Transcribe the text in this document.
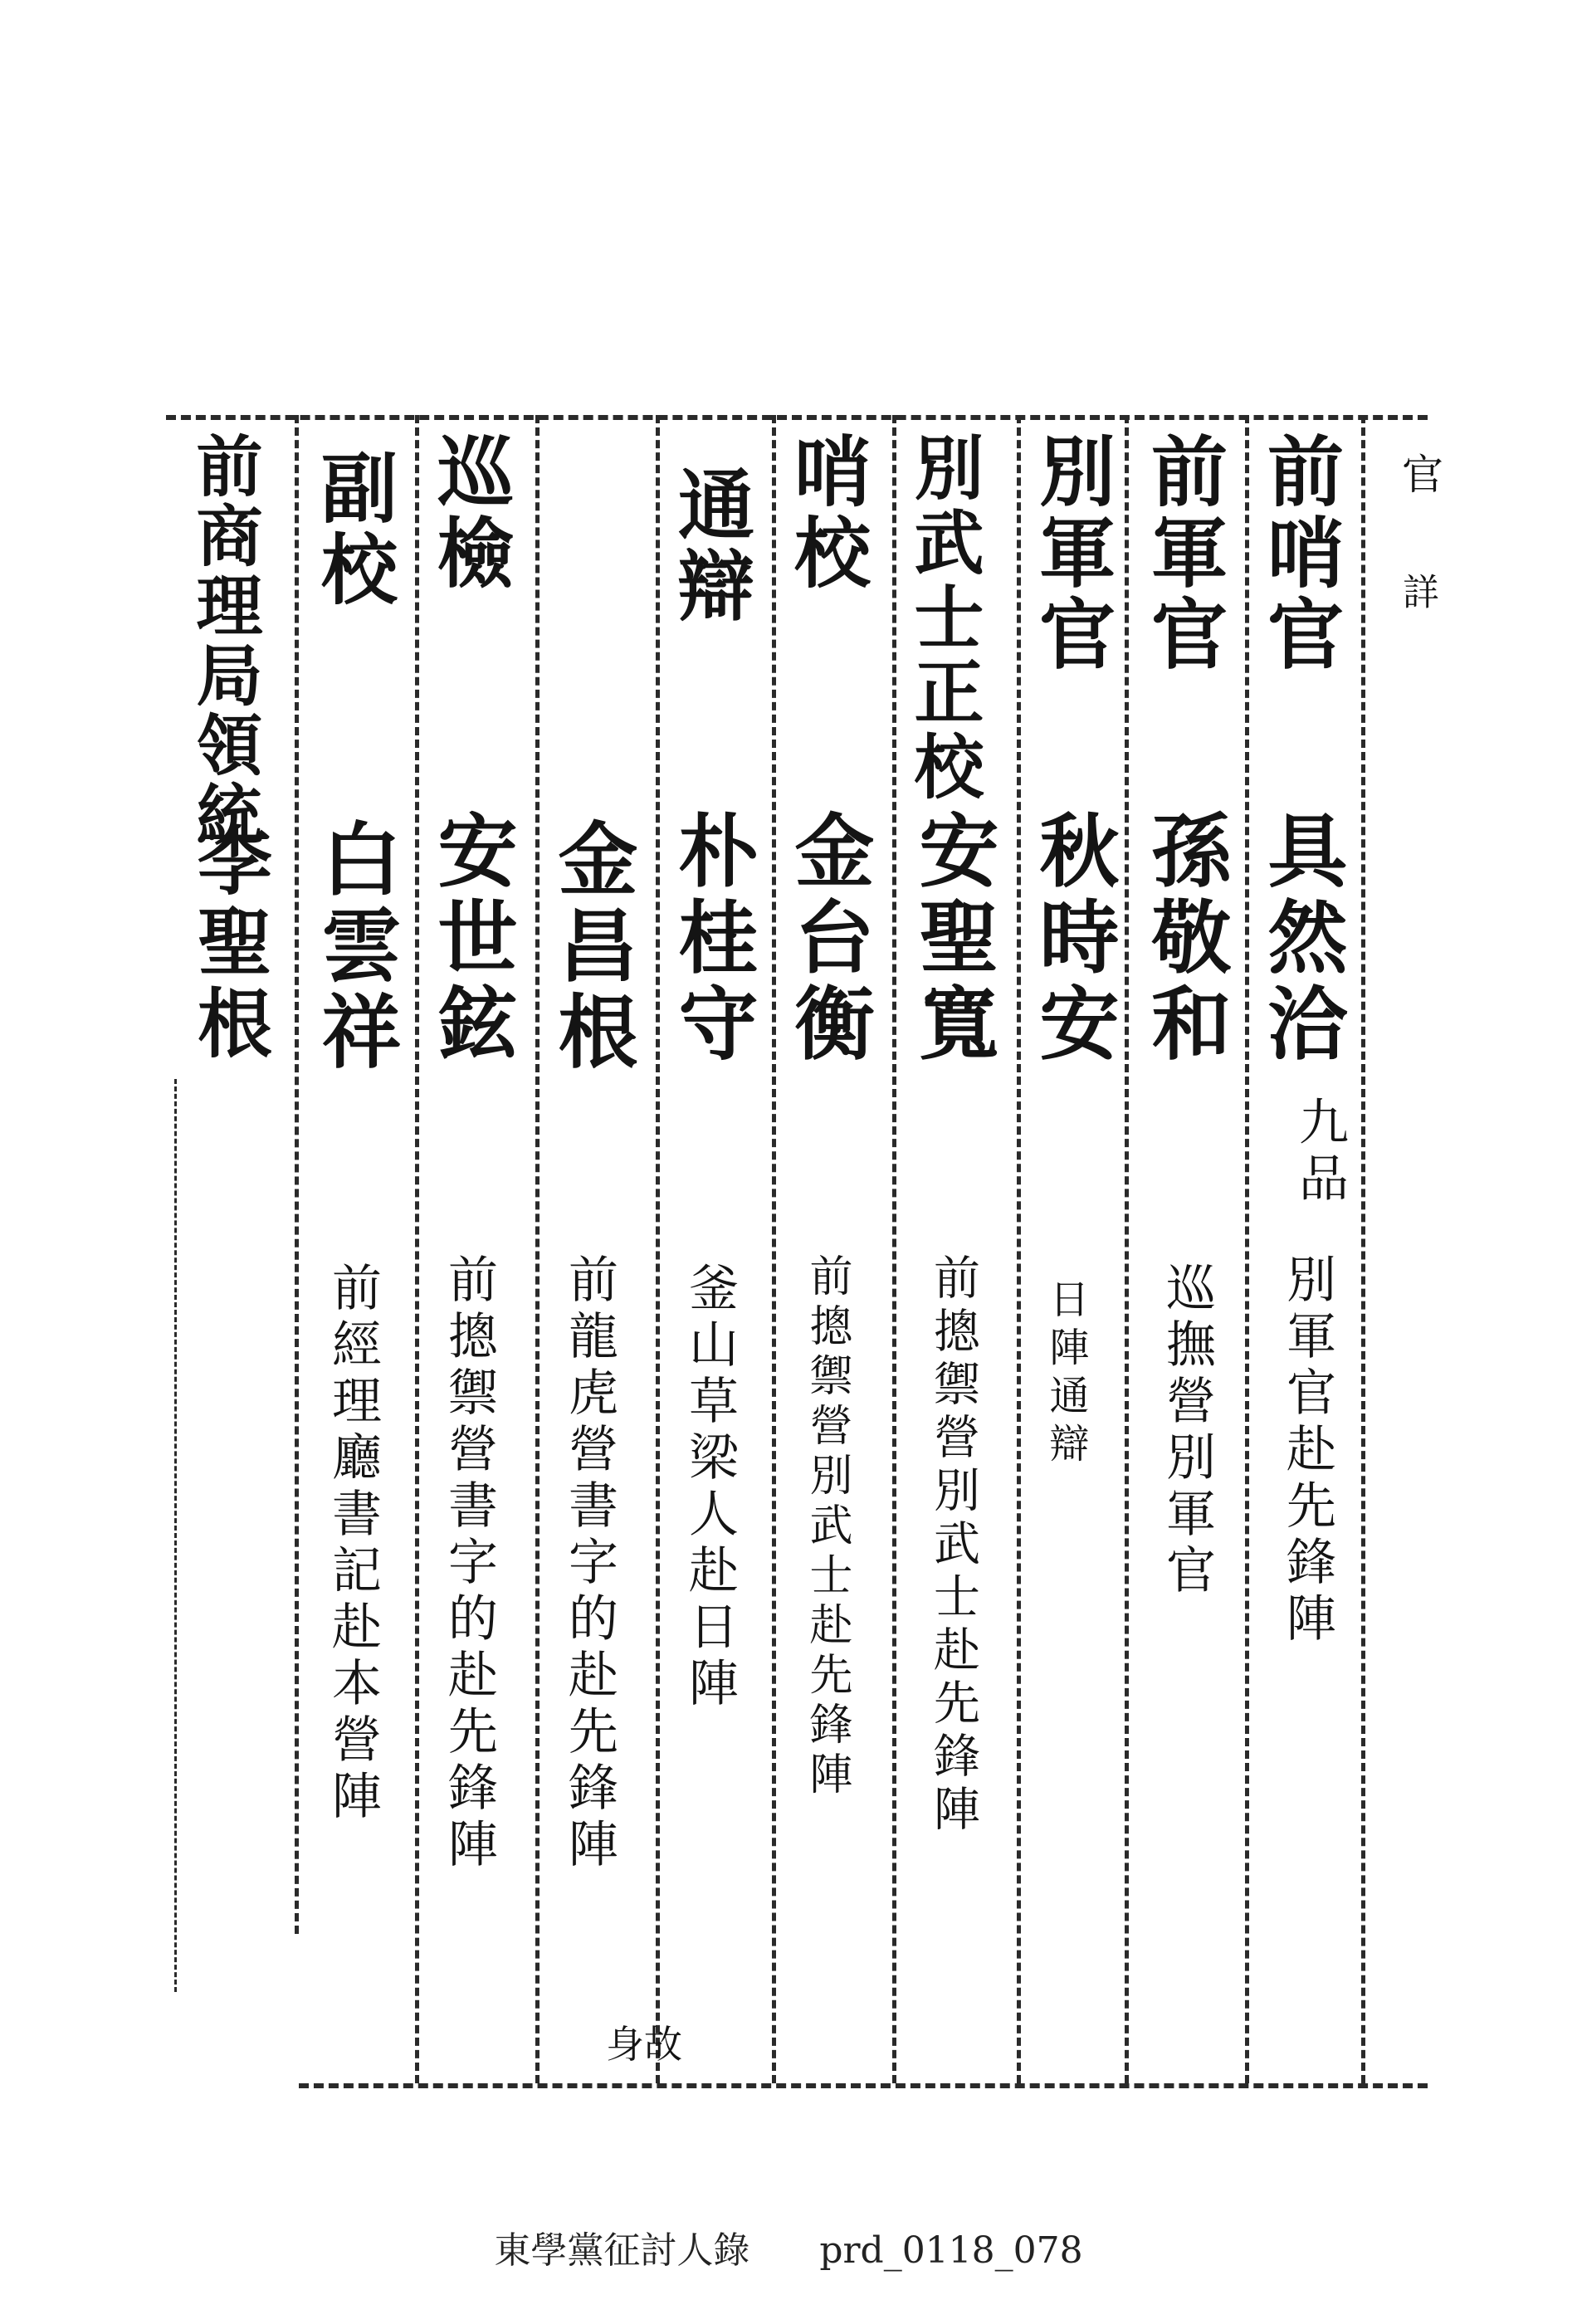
官
詳
前哨官
具然洽
九品
別軍官赴先鋒陣
前軍官
孫敬和
巡撫營別軍官
別軍官
秋時安
日陣通辯
別武士正校
安聖寬
前摠禦營別武士赴先鋒陣
哨校
金台衡
前摠禦營別武士赴先鋒陣
通辯
朴桂守
釜山草梁人赴日陣
金昌根
前龍虎營書字的赴先鋒陣
身故
巡檢
安世鉉
前摠禦營書字的赴先鋒陣
副校
白雲祥
前經理廳書記赴本營陣
前商理局領統
李聖根
東學黨征討人錄 prd_0118_078
